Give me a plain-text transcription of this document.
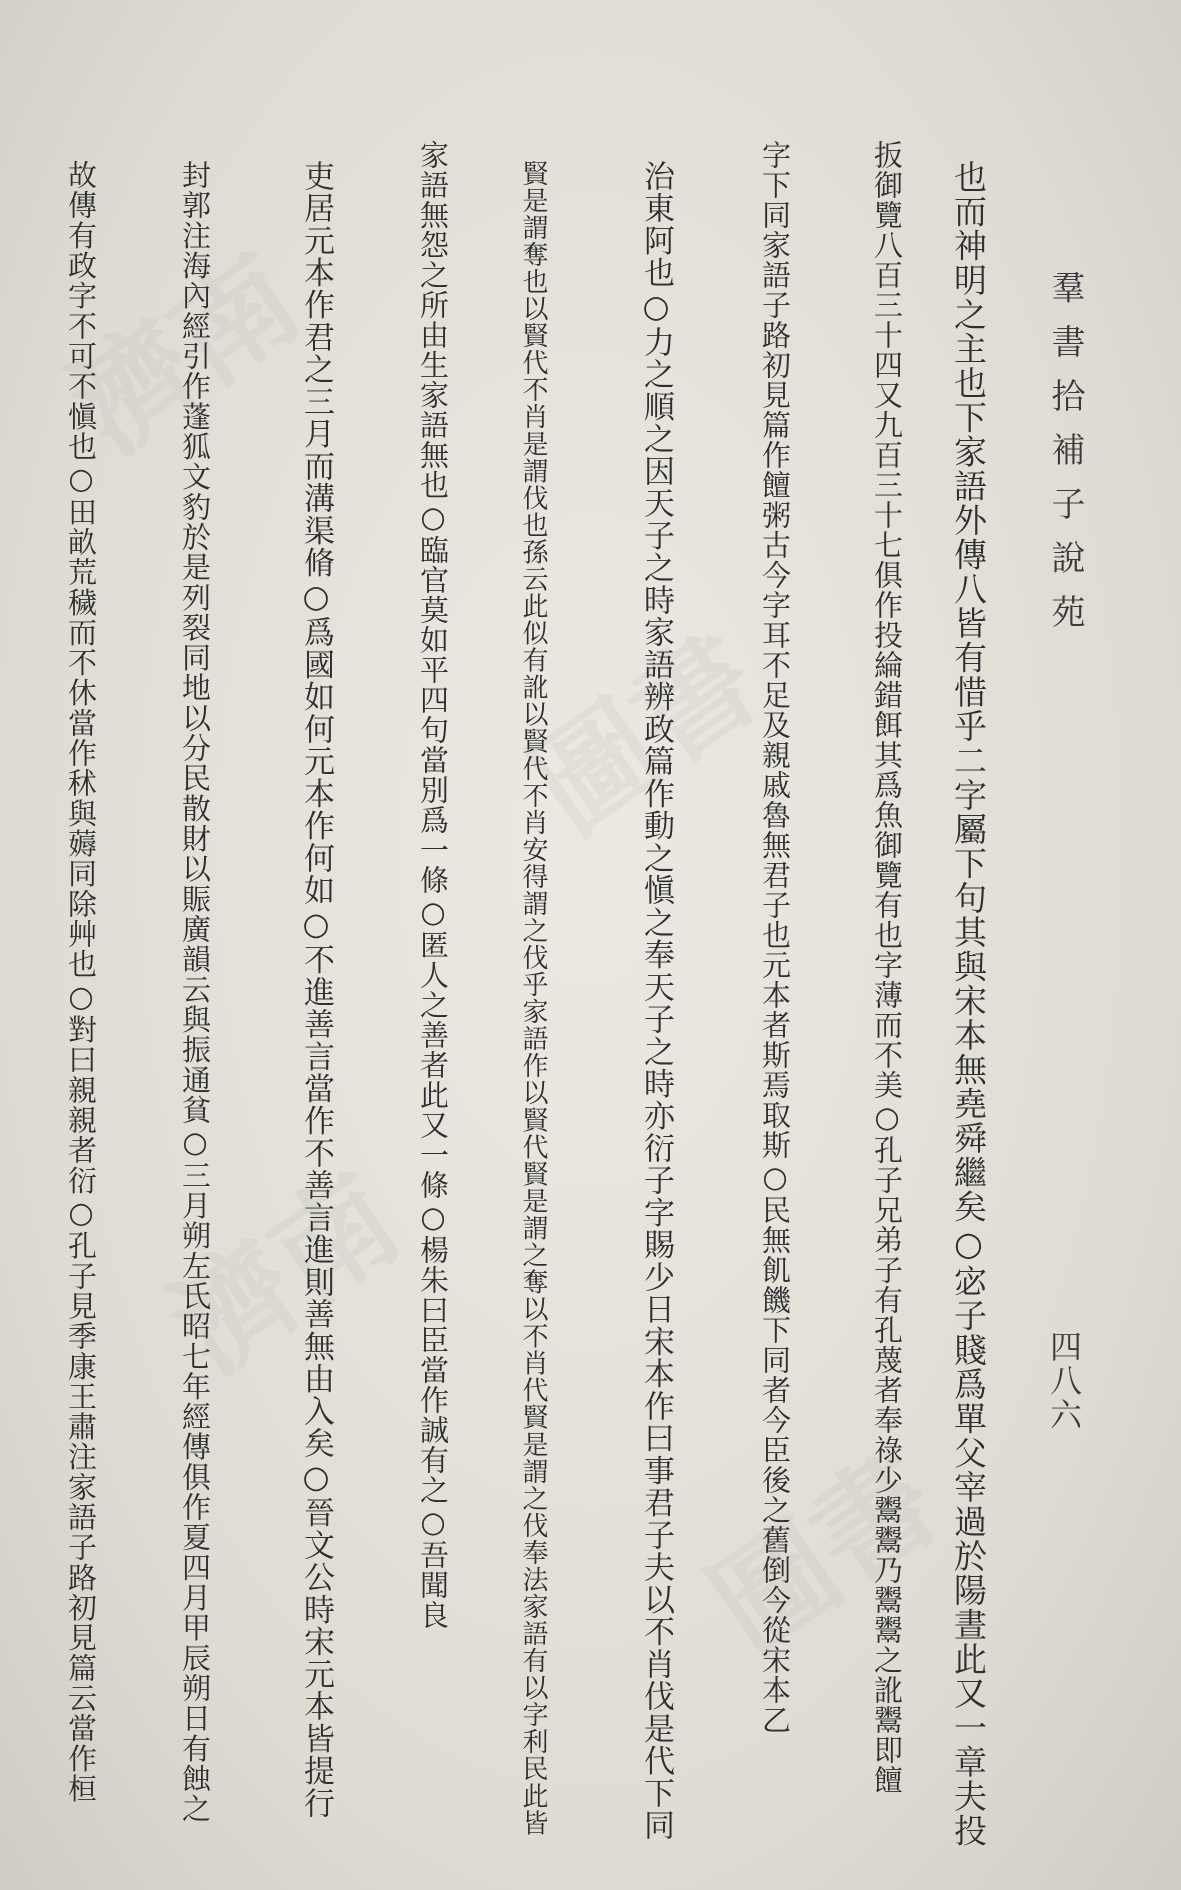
濟南
圖書
濟南
圖書
羣書拾補子說苑
四八六
也而神明之主也下家語外傳八皆有惜乎二字屬下句其與宋本無堯舜繼矣○宓子賤爲單父宰過於陽晝此又一章夫投
扳御覽八百三十四又九百三十七俱作投綸錯餌其爲魚御覽有也字薄而不美○孔子兄弟子有孔蔑者奉祿少鬻鬻乃鬻鬻之訛鬻即饘
字下同家語子路初見篇作饘粥古今字耳不足及親戚魯無君子也元本者斯焉取斯○民無飢饑下同者今臣後之舊倒今從宋本乙
治東阿也○力之順之因天子之時家語辨政篇作動之愼之奉天子之時亦衍子字賜少日宋本作曰事君子夫以不肖伐是代下同
賢是謂奪也以賢代不肖是謂伐也孫云此似有訛以賢代不肖安得謂之伐乎家語作以賢代賢是謂之奪以不肖代賢是謂之伐奉法家語有以字利民此皆
家語無怨之所由生家語無也○臨官莫如平四句當別爲一條○匿人之善者此又一條○楊朱曰臣當作誠有之○吾聞良
吏居元本作君之三月而溝渠脩○爲國如何元本作何如○不進善言當作不善言進則善無由入矣○晉文公時宋元本皆提行
封郭注海內經引作蓬狐文豹於是列裂同地以分民散財以賑廣韻云與振通貧○三月朔左氏昭七年經傳俱作夏四月甲辰朔日有蝕之
故傳有政字不可不愼也○田畝荒穢而不休當作秫與薅同除艸也○對曰親親者衍○孔子見季康王肅注家語子路初見篇云當作桓
